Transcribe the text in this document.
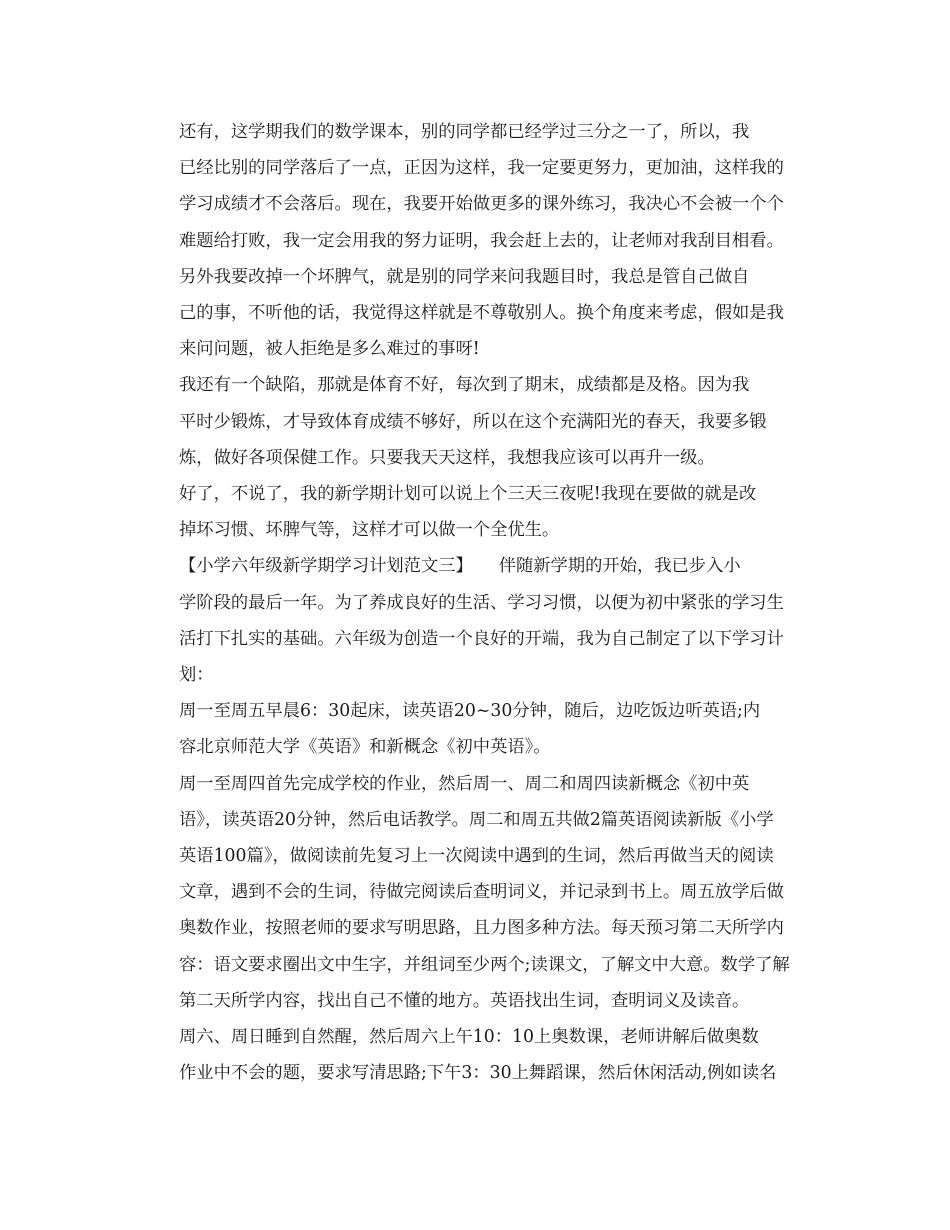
还有，这学期我们的数学课本，别的同学都已经学过三分之一了，所以，我
已经比别的同学落后了一点，正因为这样，我一定要更努力，更加油，这样我的
学习成绩才不会落后。现在，我要开始做更多的课外练习，我决心不会被一个个
难题给打败，我一定会用我的努力证明，我会赶上去的，让老师对我刮目相看。

另外我要改掉一个坏脾气，就是别的同学来问我题目时，我总是管自己做自
己的事，不听他的话，我觉得这样就是不尊敬别人。换个角度来考虑，假如是我
来问问题，被人拒绝是多么难过的事呀!

我还有一个缺陷，那就是体育不好，每次到了期末，成绩都是及格。因为我
平时少锻炼，才导致体育成绩不够好，所以在这个充满阳光的春天，我要多锻
炼，做好各项保健工作。只要我天天这样，我想我应该可以再升一级。

好了，不说了，我的新学期计划可以说上个三天三夜呢!我现在要做的就是改
掉坏习惯、坏脾气等，这样才可以做一个全优生。

【小学六年级新学期学习计划范文三】　　伴随新学期的开始，我已步入小
学阶段的最后一年。为了养成良好的生活、学习习惯，以便为初中紧张的学习生
活打下扎实的基础。六年级为创造一个良好的开端，我为自己制定了以下学习计
划：

周一至周五早晨6：30起床，读英语20~30分钟，随后，边吃饭边听英语;内
容北京师范大学《英语》和新概念《初中英语》。

周一至周四首先完成学校的作业，然后周一、周二和周四读新概念《初中英
语》，读英语20分钟，然后电话教学。周二和周五共做2篇英语阅读新版《小学
英语100篇》，做阅读前先复习上一次阅读中遇到的生词，然后再做当天的阅读
文章，遇到不会的生词，待做完阅读后查明词义，并记录到书上。周五放学后做
奥数作业，按照老师的要求写明思路，且力图多种方法。每天预习第二天所学内
容：语文要求圈出文中生字，并组词至少两个;读课文，了解文中大意。数学了解
第二天所学内容，找出自己不懂的地方。英语找出生词，查明词义及读音。

周六、周日睡到自然醒，然后周六上午10：10上奥数课，老师讲解后做奥数
作业中不会的题，要求写清思路;下午3：30上舞蹈课，然后休闲活动,例如读名
